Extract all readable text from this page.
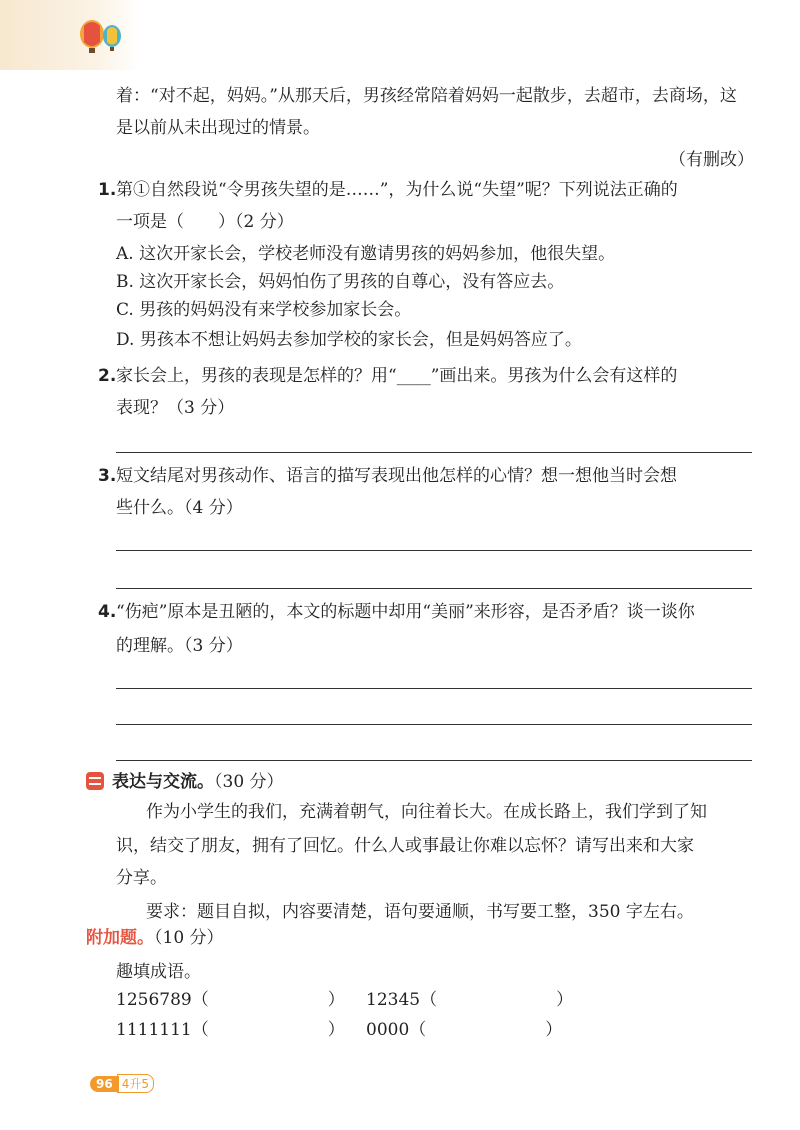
着：“对不起，妈妈。”从那天后，男孩经常陪着妈妈一起散步，去超市，去商场，这
是以前从未出现过的情景。
（有删改）
1. 第①自然段说“令男孩失望的是……”，为什么说“失望”呢？下列说法正确的
一项是（　　）（2 分）
A. 这次开家长会，学校老师没有邀请男孩的妈妈参加，他很失望。
B. 这次开家长会，妈妈怕伤了男孩的自尊心，没有答应去。
C. 男孩的妈妈没有来学校参加家长会。
D. 男孩本不想让妈妈去参加学校的家长会，但是妈妈答应了。
2. 家长会上，男孩的表现是怎样的？用“____”画出来。男孩为什么会有这样的
表现？（3 分）
3. 短文结尾对男孩动作、语言的描写表现出他怎样的心情？想一想他当时会想
些什么。（4 分）
4. “伤疤”原本是丑陋的，本文的标题中却用“美丽”来形容，是否矛盾？谈一谈你
的理解。（3 分）
表达与交流。（30 分）
作为小学生的我们，充满着朝气，向往着长大。在成长路上，我们学到了知
识，结交了朋友，拥有了回忆。什么人或事最让你难以忘怀？请写出来和大家
分享。
要求：题目自拟，内容要清楚，语句要通顺，书写要工整，350 字左右。
附加题。（10 分）
趣填成语。
1256789（　　　　　　　） 12345（　　　　　　　）
1111111（　　　　　　　） 0000（　　　　　　　）
96 4升5
